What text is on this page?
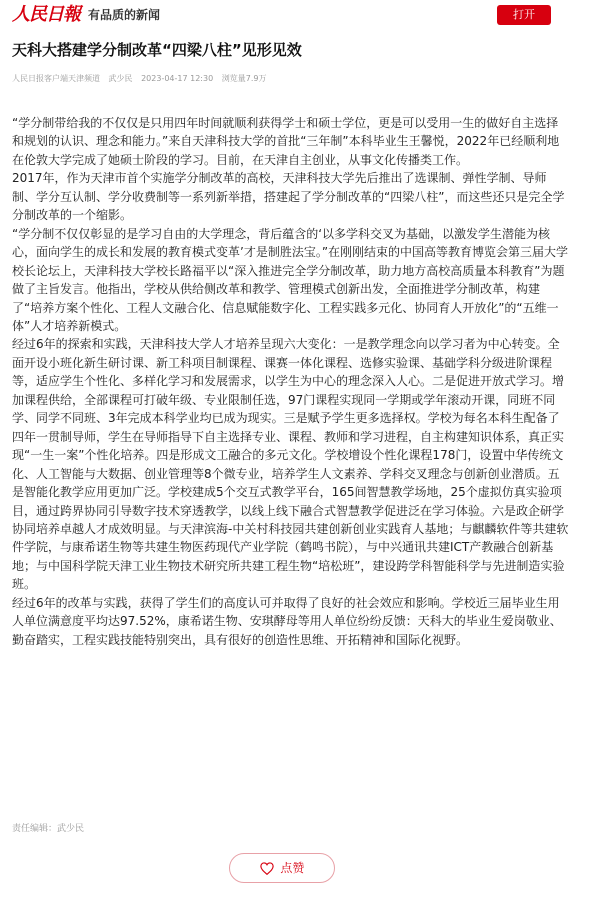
人民日報 有品质的新闻	打开
天科大搭建学分制改革“四梁八柱”见形见效
人民日报客户端天津频道 武少民 2023-04-17 12:30 浏览量7.9万

“学分制带给我的不仅仅是只用四年时间就顺利获得学士和硕士学位，更是可以受用一生的做好自主选择和规划的认识、理念和能力。”来自天津科技大学的首批“三年制”本科毕业生王馨悦，2022年已经顺利地在伦敦大学完成了她硕士阶段的学习。目前，在天津自主创业，从事文化传播类工作。

2017年，作为天津市首个实施学分制改革的高校，天津科技大学先后推出了选课制、弹性学制、导师制、学分互认制、学分收费制等一系列新举措，搭建起了学分制改革的“四梁八柱”，而这些还只是完全学分制改革的一个缩影。

“学分制不仅仅彰显的是学习自由的大学理念，背后蕴含的‘以多学科交叉为基础，以激发学生潜能为核心，面向学生的成长和发展的教育模式变革’才是制胜法宝。”在刚刚结束的中国高等教育博览会第三届大学校长论坛上，天津科技大学校长路福平以“深入推进完全学分制改革，助力地方高校高质量本科教育”为题做了主旨发言。他指出，学校从供给侧改革和教学、管理模式创新出发，全面推进学分制改革，构建了“培养方案个性化、工程人文融合化、信息赋能数字化、工程实践多元化、协同育人开放化”的“五维一体”人才培养新模式。

经过6年的探索和实践，天津科技大学人才培养呈现六大变化：一是教学理念向以学习者为中心转变。全面开设小班化新生研讨课、新工科项目制课程、课赛一体化课程、选修实验课、基础学科分级进阶课程等，适应学生个性化、多样化学习和发展需求，以学生为中心的理念深入人心。二是促进开放式学习。增加课程供给，全部课程可打破年级、专业限制任选，97门课程实现同一学期或学年滚动开课，同班不同学、同学不同班、3年完成本科学业均已成为现实。三是赋予学生更多选择权。学校为每名本科生配备了四年一贯制导师，学生在导师指导下自主选择专业、课程、教师和学习进程，自主构建知识体系，真正实现“一生一案”个性化培养。四是形成文工融合的多元文化。学校增设个性化课程178门，设置中华传统文化、人工智能与大数据、创业管理等8个微专业，培养学生人文素养、学科交叉理念与创新创业潜质。五是智能化教学应用更加广泛。学校建成5个交互式教学平台，165间智慧教学场地，25个虚拟仿真实验项目，通过跨界协同引导数字技术穿透教学，以线上线下融合式智慧教学促进泛在学习体验。六是政企研学协同培养卓越人才成效明显。与天津滨海-中关村科技园共建创新创业实践育人基地；与麒麟软件等共建软件学院，与康希诺生物等共建生物医药现代产业学院（鹤鸣书院），与中兴通讯共建ICT产教融合创新基地；与中国科学院天津工业生物技术研究所共建工程生物“培松班”，建设跨学科智能科学与先进制造实验班。

经过6年的改革与实践，获得了学生们的高度认可并取得了良好的社会效应和影响。学校近三届毕业生用人单位满意度平均达97.52%，康希诺生物、安琪酵母等用人单位纷纷反馈：天科大的毕业生爱岗敬业、勤奋踏实，工程实践技能特别突出，具有很好的创造性思维、开拓精神和国际化视野。

责任编辑：武少民
点赞
